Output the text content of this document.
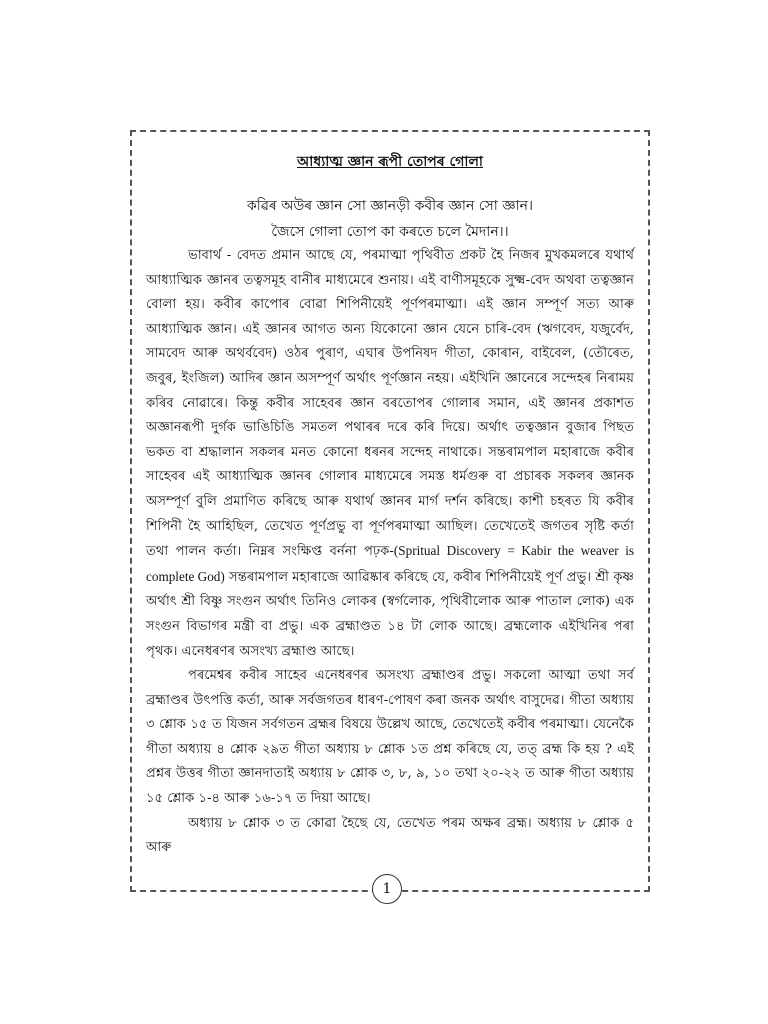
আধ্যাত্ম জ্ঞান ৰূপী তোপৰ গোলা
কৱিৰ অউৰ জ্ঞান সো জ্ঞানড়ী কবীৰ জ্ঞান সো জ্ঞান।
জৈসে গোলা তোপ কা কৰতে চলে মৈদান।।

ভাবাৰ্থ - বেদত প্ৰমান আছে যে, পৰমাত্মা পৃথিবীত প্ৰকট হৈ নিজৰ মুখকমলৰে যথাৰ্থ আধ্যাত্মিক জ্ঞানৰ তত্বসমূহ বানীৰ মাধ্যমেৰে শুনায়। এই বাণীসমূহকে সুক্ষ্ম-বেদ অথবা তত্বজ্ঞান বোলা হয়। কবীৰ কাপোৰ বোৱা শিপিনীয়েই পূৰ্ণপৰমাত্মা। এই জ্ঞান সম্পূৰ্ণ সত্য আৰু আধ্যাত্মিক জ্ঞান। এই জ্ঞানৰ আগত অন্য যিকোনো জ্ঞান যেনে চাৰি-বেদ (ঋগবেদ, যজুৰ্বেদ, সামবেদ আৰু অথৰ্ববেদ) ওঠৰ পুৰাণ, এঘাৰ উপনিষদ গীতা, কোৰান, বাইবেল, (তৌৰেত, জবুৰ, ইংজিল) আদিৰ জ্ঞান অসম্পূৰ্ণ অৰ্থাৎ পূৰ্ণজ্ঞান নহয়। এইখিনি জ্ঞানেৰে সন্দেহৰ নিৰাময় কৰিব নোৱাৰে। কিন্তু কবীৰ সাহেবৰ জ্ঞান বৰতোপৰ গোলাৰ সমান, এই জ্ঞানৰ প্ৰকাশত অজ্ঞানৰূপী দুৰ্গক ভাঙিচিঙি সমতল পথাৰৰ দৰে কৰি দিয়ে। অৰ্থাৎ তত্বজ্ঞান বুজাৰ পিছত ভকত বা শ্ৰদ্ধালান সকলৰ মনত কোনো ধৰনৰ সন্দেহ নাথাকে। সন্তৰামপাল মহাৰাজে কবীৰ সাহেবৰ এই আধ্যাত্মিক জ্ঞানৰ গোলাৰ মাধ্যমেৰে সমস্ত ধৰ্মগুৰু বা প্ৰচাৰক সকলৰ জ্ঞানক অসম্পূৰ্ণ বুলি প্ৰমাণিত কৰিছে আৰু যথাৰ্থ জ্ঞানৰ মাৰ্গ দৰ্শন কৰিছে। কাশী চহৰত যি কবীৰ শিপিনী হৈ আহিছিল, তেখেত পূৰ্ণপ্ৰভু বা পূৰ্ণপৰমাত্মা আছিল। তেখেতেই জগতৰ সৃষ্টি কৰ্তা তথা পালন কৰ্তা। নিম্নৰ সংক্ষিপ্ত বৰ্ননা পঢ়ক-(Spritual Discovery = Kabir the weaver is complete God) সন্তৰামপাল মহাৰাজে আৱিষ্কাৰ কৰিছে যে, কবীৰ শিপিনীয়েই পূৰ্ণ প্ৰভু। শ্ৰী কৃষ্ণ অৰ্থাৎ শ্ৰী বিষ্ণু সংগুন অৰ্থাৎ তিনিও লোকৰ (স্বৰ্গলোক, পৃথিবীলোক আৰু পাতাল লোক) এক সংগুন বিভাগৰ মন্ত্ৰী বা প্ৰভু। এক ব্ৰহ্মাণ্ডত ১৪ টা লোক আছে। ব্ৰহ্মলোক এইখিনিৰ পৰা পৃথক। এনেধৰণৰ অসংখ্য ব্ৰহ্মাণ্ড আছে।

পৰমেশ্বৰ কবীৰ সাহেব এনেধৰণৰ অসংখ্য ব্ৰহ্মাণ্ডৰ প্ৰভু। সকলো আত্মা তথা সৰ্ব ব্ৰহ্মাণ্ডৰ উৎপত্তি কৰ্তা, আৰু সৰ্বজগতৰ ধাৰণ-পোষণ কৰা জনক অৰ্থাৎ বাসুদেৱ। গীতা অধ্যায় ৩ শ্লোক ১৫ ত যিজন সৰ্বগতন ব্ৰহ্মৰ বিষয়ে উল্লেখ আছে, তেখেতেই কবীৰ পৰমাত্মা। যেনেকৈ গীতা অধ্যায় ৪ শ্লোক ২৯ত গীতা অধ্যায় ৮ শ্লোক ১ত প্ৰশ্ন কৰিছে যে, তত্ ব্ৰহ্ম কি হয় ? এই প্ৰশ্নৰ উত্তৰ গীতা জ্ঞানদাতাই অধ্যায় ৮ শ্লোক ৩, ৮, ৯, ১০ তথা ২০-২২ ত আৰু গীতা অধ্যায় ১৫ শ্লোক ১-৪ আৰু ১৬-১৭ ত দিয়া আছে।

অধ্যায় ৮ শ্লোক ৩ ত কোৱা হৈছে যে, তেখেত পৰম অক্ষৰ ব্ৰহ্ম। অধ্যায় ৮ শ্লোক ৫ আৰু

1
